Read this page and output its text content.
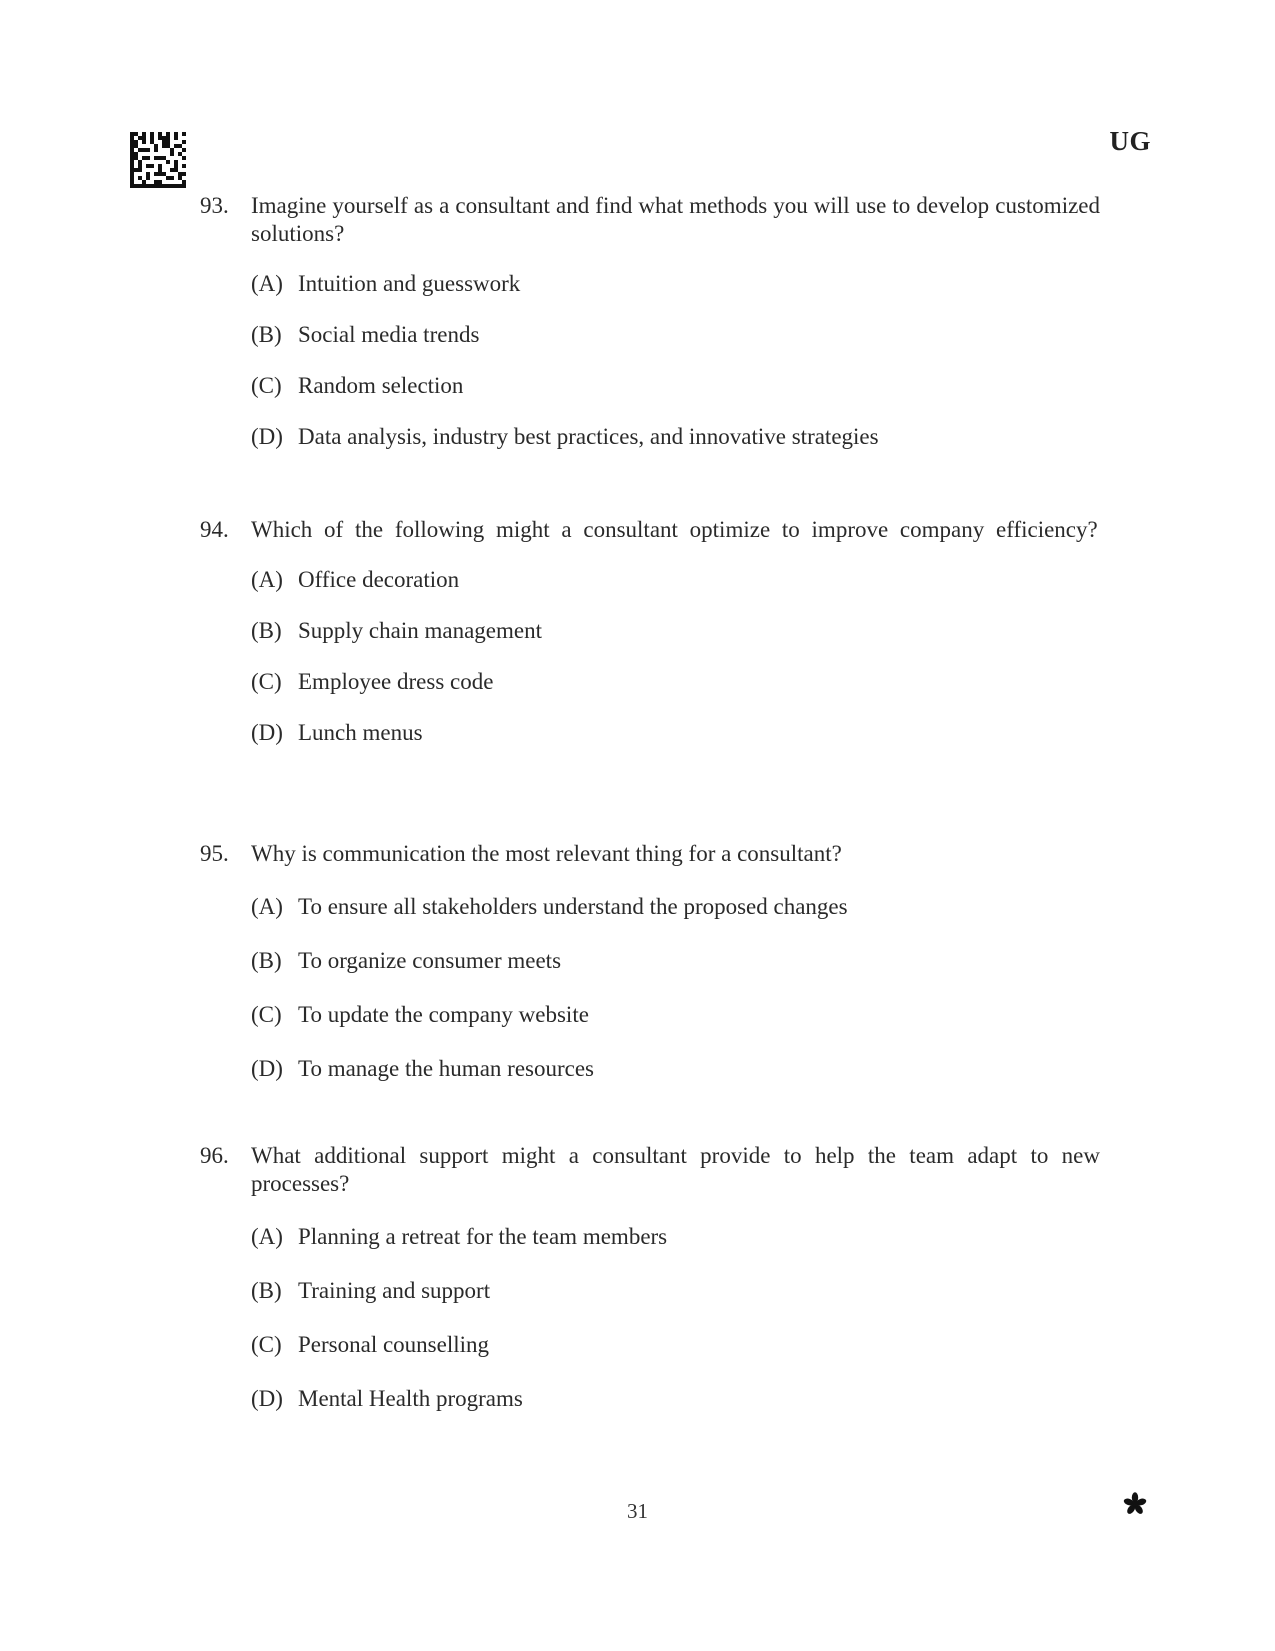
UG
93. Imagine yourself as a consultant and find what methods you will use to develop customized solutions?
(A) Intuition and guesswork
(B) Social media trends
(C) Random selection
(D) Data analysis, industry best practices, and innovative strategies
94. Which of the following might a consultant optimize to improve company efficiency?
(A) Office decoration
(B) Supply chain management
(C) Employee dress code
(D) Lunch menus
95. Why is communication the most relevant thing for a consultant?
(A) To ensure all stakeholders understand the proposed changes
(B) To organize consumer meets
(C) To update the company website
(D) To manage the human resources
96. What additional support might a consultant provide to help the team adapt to new processes?
(A) Planning a retreat for the team members
(B) Training and support
(C) Personal counselling
(D) Mental Health programs
31
